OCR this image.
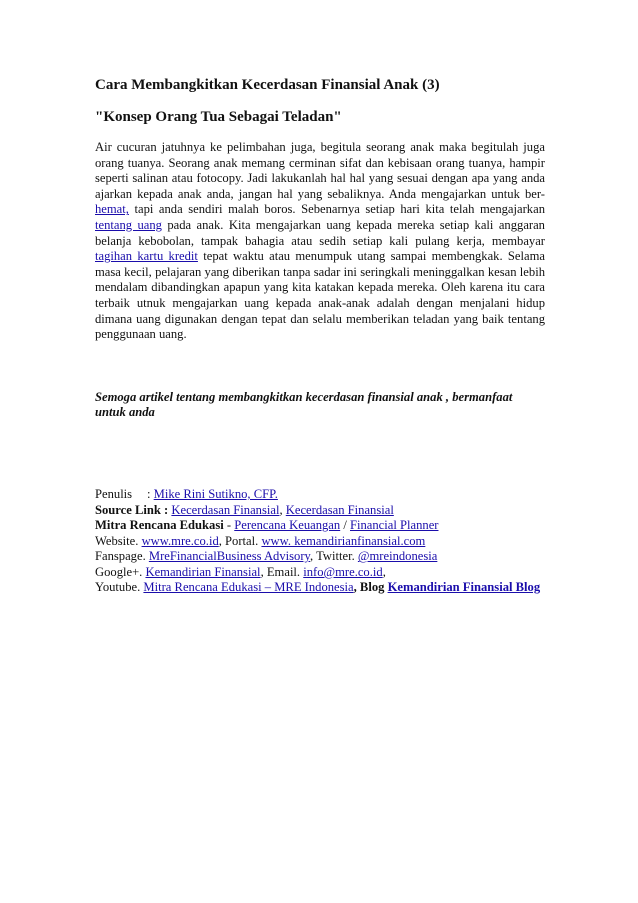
Cara Membangkitkan Kecerdasan Finansial Anak (3)

"Konsep Orang Tua Sebagai Teladan"

Air cucuran jatuhnya ke pelimbahan juga, begitula seorang anak maka begitulah juga orang tuanya. Seorang anak memang cerminan sifat dan kebisaan orang tuanya, hampir seperti salinan atau fotocopy. Jadi lakukanlah hal hal yang sesuai dengan apa yang anda ajarkan kepada anak anda, jangan hal yang sebaliknya. Anda mengajarkan untuk ber-hemat, tapi anda sendiri malah boros. Sebenarnya setiap hari kita telah mengajarkan tentang uang pada anak. Kita mengajarkan uang kepada mereka setiap kali anggaran belanja kebobolan, tampak bahagia atau sedih setiap kali pulang kerja, membayar tagihan kartu kredit tepat waktu atau menumpuk utang sampai membengkak. Selama masa kecil, pelajaran yang diberikan tanpa sadar ini seringkali meninggalkan kesan lebih mendalam dibandingkan apapun yang kita katakan kepada mereka. Oleh karena itu cara terbaik utnuk mengajarkan uang kepada anak-anak adalah dengan menjalani hidup dimana uang digunakan dengan tepat dan selalu memberikan teladan yang baik tentang penggunaan uang.

Semoga artikel tentang membangkitkan kecerdasan finansial anak , bermanfaat untuk anda

Penulis : Mike Rini Sutikno, CFP.
Source Link : Kecerdasan Finansial, Kecerdasan Finansial
Mitra Rencana Edukasi - Perencana Keuangan / Financial Planner
Website. www.mre.co.id, Portal. www. kemandirianfinansial.com
Fanspage. MreFinancialBusiness Advisory, Twitter. @mreindonesia
Google+. Kemandirian Finansial, Email. info@mre.co.id,
Youtube. Mitra Rencana Edukasi – MRE Indonesia, Blog Kemandirian Finansial Blog
